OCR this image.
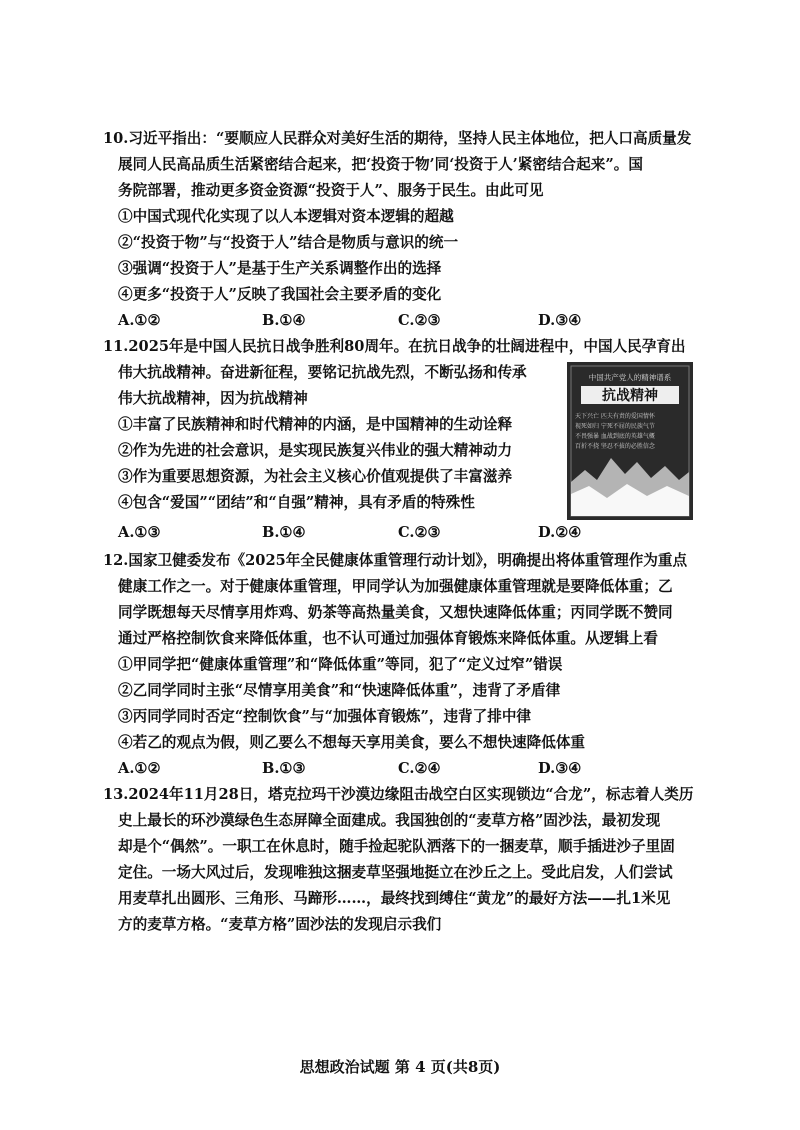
10.习近平指出：“要顺应人民群众对美好生活的期待，坚持人民主体地位，把人口高质量发
展同人民高品质生活紧密结合起来，把‘投资于物’同‘投资于人’紧密结合起来”。国
务院部署，推动更多资金资源“投资于人”、服务于民生。由此可见
①中国式现代化实现了以人本逻辑对资本逻辑的超越
②“投资于物”与“投资于人”结合是物质与意识的统一
③强调“投资于人”是基于生产关系调整作出的选择
④更多“投资于人”反映了我国社会主要矛盾的变化
A.①②	B.①④	C.②③	D.③④
11.2025年是中国人民抗日战争胜利80周年。在抗日战争的壮阔进程中，中国人民孕育出
伟大抗战精神。奋进新征程，要铭记抗战先烈，不断弘扬和传承
伟大抗战精神，因为抗战精神
①丰富了民族精神和时代精神的内涵，是中国精神的生动诠释
②作为先进的社会意识，是实现民族复兴伟业的强大精神动力
③作为重要思想资源，为社会主义核心价值观提供了丰富滋养
④包含“爱国”“团结”和“自强”精神，具有矛盾的特殊性
A.①③	B.①④	C.②③	D.②④
中国共产党人的精神谱系
抗战精神
天下兴亡 匹夫有责的爱国情怀
视死如归 宁死不屈的民族气节
不畏强暴 血战到底的英雄气概
百折不挠 坚忍不拔的必胜信念
12.国家卫健委发布《2025年全民健康体重管理行动计划》，明确提出将体重管理作为重点
健康工作之一。对于健康体重管理，甲同学认为加强健康体重管理就是要降低体重；乙
同学既想每天尽情享用炸鸡、奶茶等高热量美食，又想快速降低体重；丙同学既不赞同
通过严格控制饮食来降低体重，也不认可通过加强体育锻炼来降低体重。从逻辑上看
①甲同学把“健康体重管理”和“降低体重”等同，犯了“定义过窄”错误
②乙同学同时主张“尽情享用美食”和“快速降低体重”，违背了矛盾律
③丙同学同时否定“控制饮食”与“加强体育锻炼”，违背了排中律
④若乙的观点为假，则乙要么不想每天享用美食，要么不想快速降低体重
A.①②	B.①③	C.②④	D.③④
13.2024年11月28日，塔克拉玛干沙漠边缘阻击战空白区实现锁边“合龙”，标志着人类历
史上最长的环沙漠绿色生态屏障全面建成。我国独创的“麦草方格”固沙法，最初发现
却是个“偶然”。一职工在休息时，随手捡起驼队洒落下的一捆麦草，顺手插进沙子里固
定住。一场大风过后，发现唯独这捆麦草坚强地挺立在沙丘之上。受此启发，人们尝试
用麦草扎出圆形、三角形、马蹄形……，最终找到缚住“黄龙”的最好方法——扎1米见
方的麦草方格。“麦草方格”固沙法的发现启示我们
思想政治试题 第 4 页(共8页)
